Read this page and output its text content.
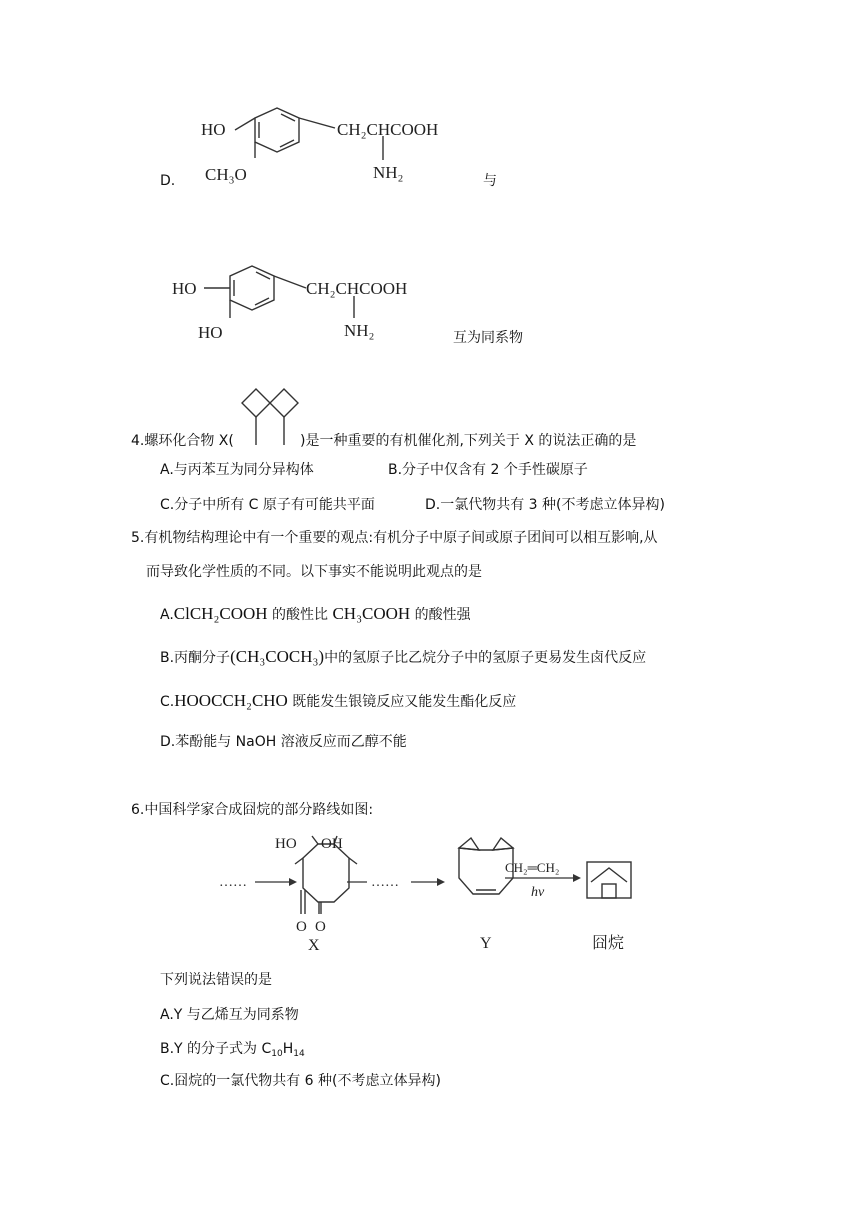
D.
HO
CH₃O
CH₂CHCOOH
NH₂	与
HO
HO
CH₂CHCOOH
NH₂	互为同系物
4.螺环化合物 X(	)是一种重要的有机催化剂,下列关于 X 的说法正确的是
A.与丙苯互为同分异构体	B.分子中仅含有 2 个手性碳原子
C.分子中所有 C 原子有可能共平面	D.一氯代物共有 3 种(不考虑立体异构)
5.有机物结构理论中有一个重要的观点:有机分子中原子间或原子团间可以相互影响,从
而导致化学性质的不同。以下事实不能说明此观点的是
A.ClCH₂COOH 的酸性比 CH₃COOH 的酸性强
B.丙酮分子(CH₃COCH₃)中的氢原子比乙烷分子中的氢原子更易发生卤代反应
C.HOOCCH₂CHO 既能发生银镜反应又能发生酯化反应
D.苯酚能与 NaOH 溶液反应而乙醇不能
6.中国科学家合成囧烷的部分路线如图:
……
HO OH
O O
X
……
Y
CH₂═CH₂
hν
囧烷
下列说法错误的是
A.Y 与乙烯互为同系物
B.Y 的分子式为 $C_{10}H_{14}$
C.囧烷的一氯代物共有 6 种(不考虑立体异构)
